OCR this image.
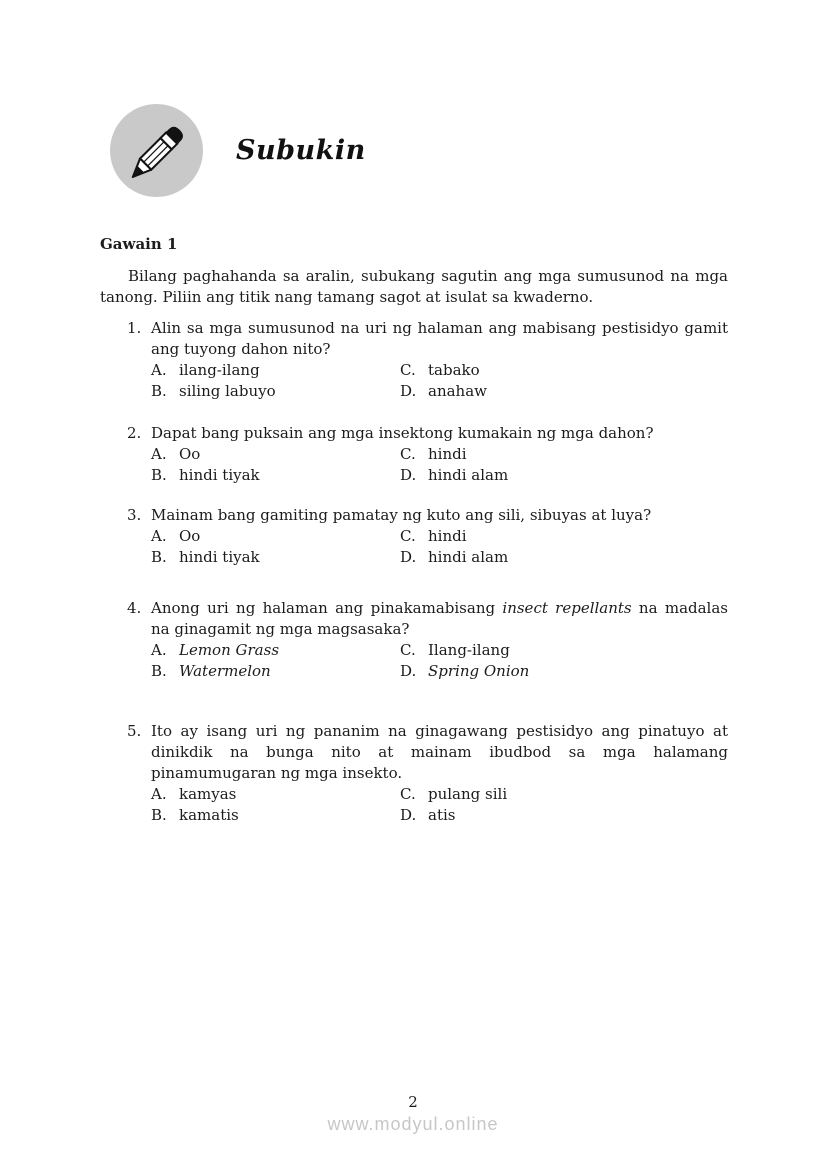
Subukin
Gawain 1

Bilang paghahanda sa aralin, subukang sagutin ang mga sumusunod na mga tanong. Piliin ang titik nang tamang sagot at isulat sa kwaderno.

1. Alin sa mga sumusunod na uri ng halaman ang mabisang pestisidyo gamit ang tuyong dahon nito?
A. ilang-ilang	C. tabako
B. siling labuyo	D. anahaw
2. Dapat bang puksain ang mga insektong kumakain ng mga dahon?
A. Oo	C. hindi
B. hindi tiyak	D. hindi alam
3. Mainam bang gamiting pamatay ng kuto ang sili, sibuyas at luya?
A. Oo	C. hindi
B. hindi tiyak	D. hindi alam
4. Anong uri ng halaman ang pinakamabisang insect repellants na madalas na ginagamit ng mga magsasaka?
A. Lemon Grass	C. Ilang-ilang
B. Watermelon	D. Spring Onion
5. Ito ay isang uri ng pananim na ginagawang pestisidyo ang pinatuyo at dinikdik na bunga nito at mainam ibudbod sa mga halamang pinamumugaran ng mga insekto.
A. kamyas	C. pulang sili
B. kamatis	D. atis
2
www.modyul.online
